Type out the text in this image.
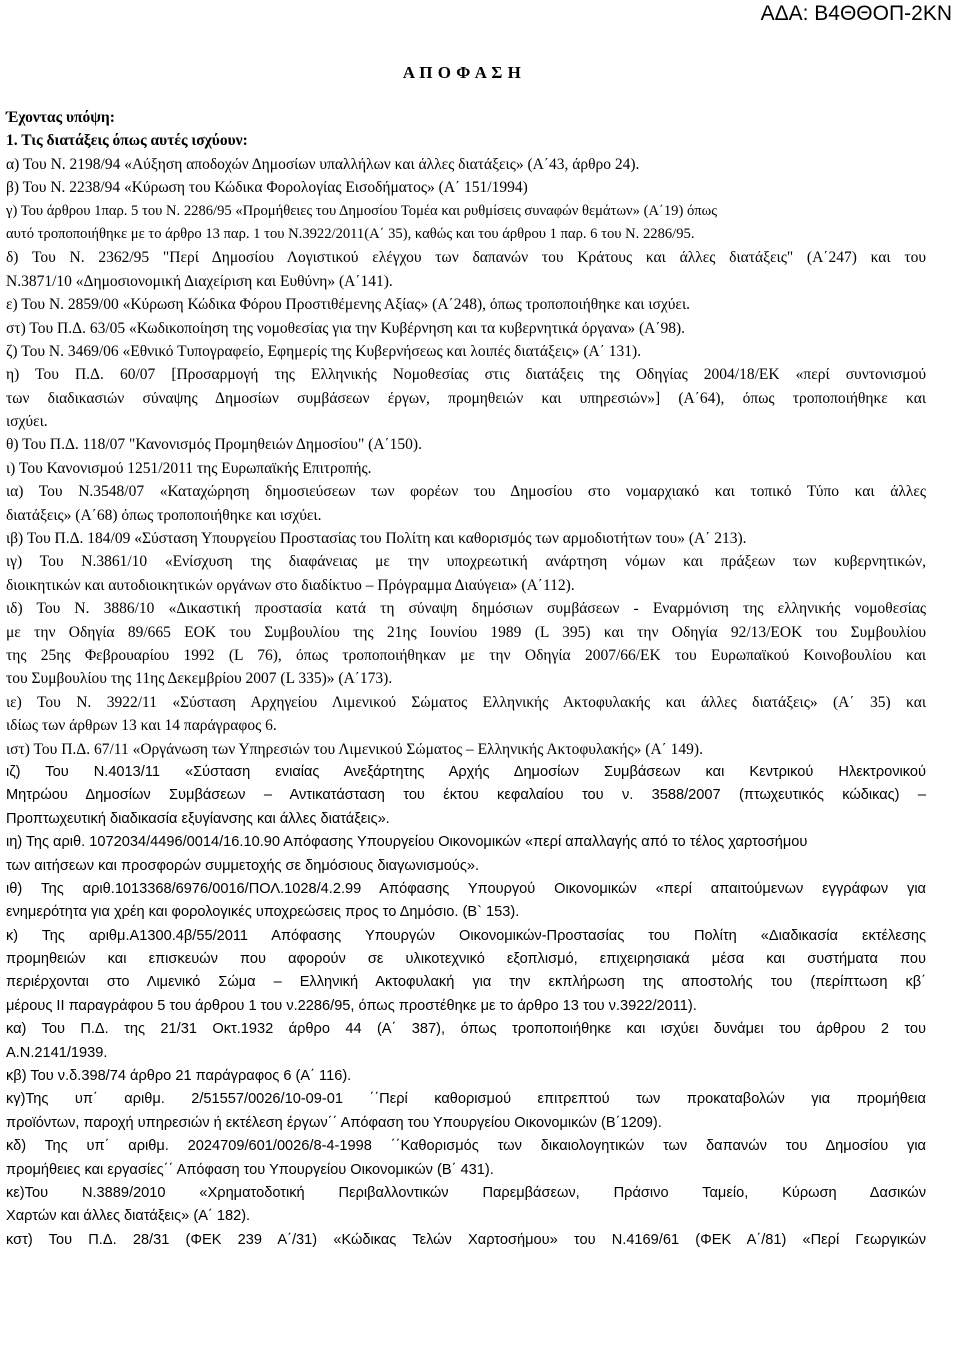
ΑΔΑ: Β4ΘΘΟΠ-2ΚΝ
Α Π Ο Φ Α Σ Η
Έχοντας υπόψη:
1. Τις διατάξεις όπως αυτές ισχύουν:
α) Του Ν. 2198/94 «Αύξηση αποδοχών Δημοσίων υπαλλήλων και άλλες διατάξεις» (Α΄43, άρθρο 24).
β) Του Ν. 2238/94 «Κύρωση του Κώδικα Φορολογίας Εισοδήματος» (Α΄ 151/1994)
γ) Του άρθρου 1παρ. 5 του Ν. 2286/95 «Προμήθειες του Δημοσίου Τομέα και ρυθμίσεις συναφών θεμάτων» (Α΄19) όπως
αυτό τροποποιήθηκε με το άρθρο 13 παρ. 1 του Ν.3922/2011(Α΄ 35), καθώς και του άρθρου 1 παρ. 6 του Ν. 2286/95.
δ) Του Ν. 2362/95 "Περί Δημοσίου Λογιστικού ελέγχου των δαπανών του Κράτους και άλλες διατάξεις" (Α΄247) και του
Ν.3871/10 «Δημοσιονομική Διαχείριση και Ευθύνη» (Α΄141).
ε) Του Ν. 2859/00 «Κύρωση Κώδικα Φόρου Προστιθέμενης Αξίας» (Α΄248), όπως τροποποιήθηκε και ισχύει.
στ) Του Π.Δ. 63/05 «Κωδικοποίηση της νομοθεσίας για την Κυβέρνηση και τα κυβερνητικά όργανα» (Α΄98).
ζ) Του Ν. 3469/06 «Εθνικό Τυπογραφείο, Εφημερίς της Κυβερνήσεως και λοιπές διατάξεις» (Α΄ 131).
η) Του Π.Δ. 60/07 [Προσαρμογή της Ελληνικής Νομοθεσίας στις διατάξεις της Οδηγίας 2004/18/ΕΚ «περί συντονισμού
των διαδικασιών σύναψης Δημοσίων συμβάσεων έργων, προμηθειών και υπηρεσιών»] (Α΄64), όπως τροποποιήθηκε και
ισχύει.
θ) Του Π.Δ. 118/07 "Κανονισμός Προμηθειών Δημοσίου" (Α΄150).
ι) Του Κανονισμού 1251/2011 της Ευρωπαϊκής Επιτροπής.
ια) Του Ν.3548/07 «Καταχώρηση δημοσιεύσεων των φορέων του Δημοσίου στο νομαρχιακό και τοπικό Τύπο και άλλες
διατάξεις» (Α΄68) όπως τροποποιήθηκε και ισχύει.
ιβ) Του Π.Δ. 184/09 «Σύσταση Υπουργείου Προστασίας του Πολίτη και καθορισμός των αρμοδιοτήτων του» (Α΄ 213).
ιγ) Του Ν.3861/10 «Ενίσχυση της διαφάνειας με την υποχρεωτική ανάρτηση νόμων και πράξεων των κυβερνητικών,
διοικητικών και αυτοδιοικητικών οργάνων στο διαδίκτυο – Πρόγραμμα Διαύγεια» (Α΄112).
ιδ) Του Ν. 3886/10 «Δικαστική προστασία κατά τη σύναψη δημόσιων συμβάσεων - Εναρμόνιση της ελληνικής νομοθεσίας
με την Οδηγία 89/665 ΕΟΚ του Συμβουλίου της 21ης Ιουνίου 1989 (L 395) και την Οδηγία 92/13/ΕΟΚ του Συμβουλίου
της 25ης Φεβρουαρίου 1992 (L 76), όπως τροποποιήθηκαν με την Οδηγία 2007/66/ΕΚ του Ευρωπαϊκού Κοινοβουλίου και
του Συμβουλίου της 11ης Δεκεμβρίου 2007 (L 335)» (Α΄173).
ιε) Του Ν. 3922/11 «Σύσταση Αρχηγείου Λιμενικού Σώματος Ελληνικής Ακτοφυλακής και άλλες διατάξεις» (Α΄ 35) και
ιδίως των άρθρων 13 και 14 παράγραφος 6.
ιστ) Του Π.Δ. 67/11 «Οργάνωση των Υπηρεσιών του Λιμενικού Σώματος – Ελληνικής Ακτοφυλακής» (Α΄ 149).
ιζ) Του Ν.4013/11 «Σύσταση ενιαίας Ανεξάρτητης Αρχής Δημοσίων Συμβάσεων και Κεντρικού Ηλεκτρονικού
Μητρώου Δημοσίων Συμβάσεων – Αντικατάσταση του έκτου κεφαλαίου του ν. 3588/2007 (πτωχευτικός κώδικας) –
Προπτωχευτική διαδικασία εξυγίανσης και άλλες διατάξεις».
ιη) Της αριθ. 1072034/4496/0014/16.10.90 Απόφασης Υπουργείου Οικονομικών «περί απαλλαγής από το τέλος χαρτοσήμου
των αιτήσεων και προσφορών συμμετοχής σε δημόσιους διαγωνισμούς».
ιθ) Της αριθ.1013368/6976/0016/ΠΟΛ.1028/4.2.99 Απόφασης Υπουργού Οικονομικών «περί απαιτούμενων εγγράφων για
ενημερότητα για χρέη και φορολογικές υποχρεώσεις προς το Δημόσιο. (Β` 153).
κ) Της αριθμ.Α1300.4β/55/2011 Απόφασης Υπουργών Οικονομικών-Προστασίας του Πολίτη «Διαδικασία εκτέλεσης
προμηθειών και επισκευών που αφορούν σε υλικοτεχνικό εξοπλισμό, επιχειρησιακά μέσα και συστήματα που
περιέρχονται στο Λιμενικό Σώμα – Ελληνική Ακτοφυλακή για την εκπλήρωση της αποστολής του (περίπτωση κβ΄
μέρους ΙΙ παραγράφου 5 του άρθρου 1 του ν.2286/95, όπως προστέθηκε με το άρθρο 13 του ν.3922/2011).
κα) Του Π.Δ. της 21/31 Οκτ.1932 άρθρο 44 (Α΄ 387), όπως τροποποιήθηκε και ισχύει δυνάμει του άρθρου 2 του
Α.Ν.2141/1939.
κβ) Του ν.δ.398/74 άρθρο 21 παράγραφος 6 (Α΄ 116).
κγ)Της υπ΄ αριθμ. 2/51557/0026/10-09-01 ΄΄Περί καθορισμού επιτρεπτού των προκαταβολών για προμήθεια
προϊόντων, παροχή υπηρεσιών ή εκτέλεση έργων΄΄ Απόφαση του Υπουργείου Οικονομικών (Β΄1209).
κδ) Της υπ΄ αριθμ. 2024709/601/0026/8-4-1998 ΄΄Καθορισμός των δικαιολογητικών των δαπανών του Δημοσίου για
προμήθειες και εργασίες΄΄ Απόφαση του Υπουργείου Οικονομικών (Β΄ 431).
κε)Του Ν.3889/2010 «Χρηματοδοτική Περιβαλλοντικών Παρεμβάσεων, Πράσινο Ταμείο, Κύρωση Δασικών
Χαρτών και άλλες διατάξεις» (Α΄ 182).
κστ) Του Π.Δ. 28/31 (ΦΕΚ 239 Α΄/31) «Κώδικας Τελών Χαρτοσήμου» του Ν.4169/61 (ΦΕΚ Α΄/81) «Περί Γεωργικών
